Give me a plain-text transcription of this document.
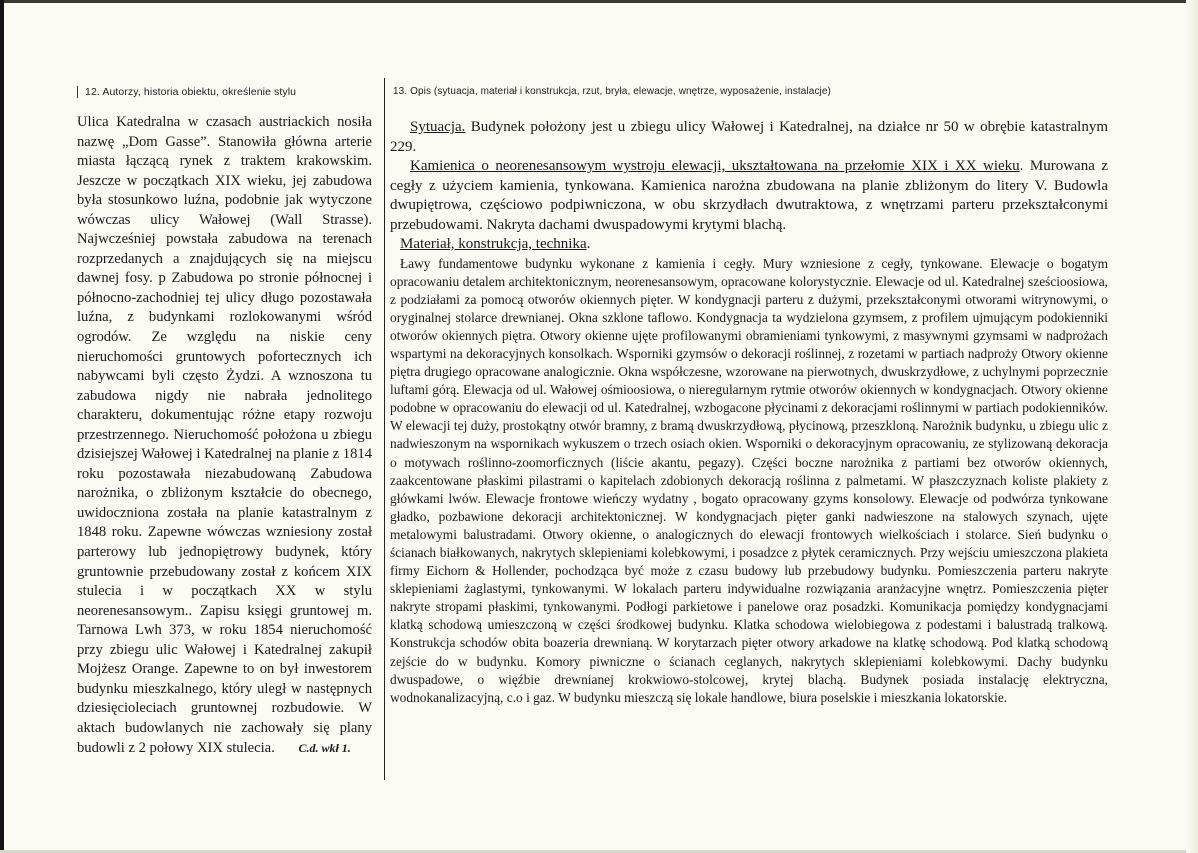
12. Autorzy, historia obiektu, określenie stylu	13. Opis (sytuacja, materiał i konstrukcja, rzut, bryła, elewacje, wnętrze, wyposażenie, instalacje)

Ulica Katedralna w czasach austriackich nosiła nazwę „Dom Gasse”. Stanowiła główna arterie miasta łączącą rynek z traktem krakowskim. Jeszcze w początkach XIX wieku, jej zabudowa była stosunkowo luźna, podobnie jak wytyczone wówczas ulicy Wałowej (Wall Strasse). Najwcześniej powstała zabudowa na terenach rozprzedanych a znajdujących się na miejscu dawnej fosy. p Zabudowa po stronie północnej i północno-zachodniej tej ulicy długo pozostawała luźna, z budynkami rozlokowanymi wśród ogrodów. Ze względu na niskie ceny nieruchomości gruntowych pofortecznych ich nabywcami byli często Żydzi. A wznoszona tu zabudowa nigdy nie nabrała jednolitego charakteru, dokumentując różne etapy rozwoju przestrzennego. Nieruchomość położona u zbiegu dzisiejszej Wałowej i Katedralnej na planie z 1814 roku pozostawała niezabudowaną Zabudowa narożnika, o zbliżonym kształcie do obecnego, uwidoczniona została na planie katastralnym z 1848 roku. Zapewne wówczas wzniesiony został parterowy lub jednopiętrowy budynek, który gruntownie przebudowany został z końcem XIX stulecia i w początkach XX w stylu neorenesansowym.. Zapisu księgi gruntowej m. Tarnowa Lwh 373, w roku 1854 nieruchomość przy zbiegu ulic Wałowej i Katedralnej zakupił Mojżesz Orange. Zapewne to on był inwestorem budynku mieszkalnego, który uległ w następnych dziesięcioleciach gruntownej rozbudowie. W aktach budowlanych nie zachowały się plany budowli z 2 połowy XIX stulecia. C.d. wkł 1.

Sytuacja. Budynek położony jest u zbiegu ulicy Wałowej i Katedralnej, na działce nr 50 w obrębie katastralnym 229.

Kamienica o neorenesansowym wystroju elewacji, ukształtowana na przełomie XIX i XX wieku. Murowana z cegły z użyciem kamienia, tynkowana. Kamienica narożna zbudowana na planie zbliżonym do litery V. Budowla dwupiętrowa, częściowo podpiwniczona, w obu skrzydłach dwutraktowa, z wnętrzami parteru przekształconymi przebudowami. Nakryta dachami dwuspadowymi krytymi blachą.

Materiał, konstrukcja, technika.

Ławy fundamentowe budynku wykonane z kamienia i cegły. Mury wzniesione z cegły, tynkowane. Elewacje o bogatym opracowaniu detalem architektonicznym, neorenesansowym, opracowane kolorystycznie. Elewacje od ul. Katedralnej sześcioosiowa, z podziałami za pomocą otworów okiennych pięter. W kondygnacji parteru z dużymi, przekształconymi otworami witrynowymi, o oryginalnej stolarce drewnianej. Okna szklone taflowo. Kondygnacja ta wydzielona gzymsem, z profilem ujmującym podokienniki otworów okiennych piętra. Otwory okienne ujęte profilowanymi obramieniami tynkowymi, z masywnymi gzymsami w nadprożach wspartymi na dekoracyjnych konsolkach. Wsporniki gzymsów o dekoracji roślinnej, z rozetami w partiach nadproży Otwory okienne piętra drugiego opracowane analogicznie. Okna współczesne, wzorowane na pierwotnych, dwuskrzydłowe, z uchylnymi poprzecznie luftami górą. Elewacja od ul. Wałowej ośmioosiowa, o nieregularnym rytmie otworów okiennych w kondygnacjach. Otwory okienne podobne w opracowaniu do elewacji od ul. Katedralnej, wzbogacone płycinami z dekoracjami roślinnymi w partiach podokienników. W elewacji tej duży, prostokątny otwór bramny, z bramą dwuskrzydłową, płycinową, przeszkloną. Narożnik budynku, u zbiegu ulic z nadwieszonym na wspornikach wykuszem o trzech osiach okien. Wsporniki o dekoracyjnym opracowaniu, ze stylizowaną dekoracja o motywach roślinno-zoomorficznych (liście akantu, pegazy). Części boczne narożnika z partiami bez otworów okiennych, zaakcentowane płaskimi pilastrami o kapitelach zdobionych dekoracją roślinna z palmetami. W płaszczyznach koliste plakiety z główkami lwów. Elewacje frontowe wieńczy wydatny , bogato opracowany gzyms konsolowy. Elewacje od podwórza tynkowane gładko, pozbawione dekoracji architektonicznej. W kondygnacjach pięter ganki nadwieszone na stalowych szynach, ujęte metalowymi balustradami. Otwory okienne, o analogicznych do elewacji frontowych wielkościach i stolarce. Sień budynku o ścianach białkowanych, nakrytych sklepieniami kolebkowymi, i posadzce z płytek ceramicznych. Przy wejściu umieszczona plakieta firmy Eichorn & Hollender, pochodząca być może z czasu budowy lub przebudowy budynku. Pomieszczenia parteru nakryte sklepieniami żaglastymi, tynkowanymi. W lokalach parteru indywidualne rozwiązania aranżacyjne wnętrz. Pomieszczenia pięter nakryte stropami płaskimi, tynkowanymi. Podłogi parkietowe i panelowe oraz posadzki. Komunikacja pomiędzy kondygnacjami klatką schodową umieszczoną w części środkowej budynku. Klatka schodowa wielobiegowa z podestami i balustradą tralkową. Konstrukcja schodów obita boazeria drewnianą. W korytarzach pięter otwory arkadowe na klatkę schodową. Pod klatką schodową zejście do w budynku. Komory piwniczne o ścianach ceglanych, nakrytych sklepieniami kolebkowymi. Dachy budynku dwuspadowe, o więźbie drewnianej krokwiowo-stolcowej, krytej blachą. Budynek posiada instalację elektryczna, wodnokanalizacyjną, c.o i gaz. W budynku mieszczą się lokale handlowe, biura poselskie i mieszkania lokatorskie.
